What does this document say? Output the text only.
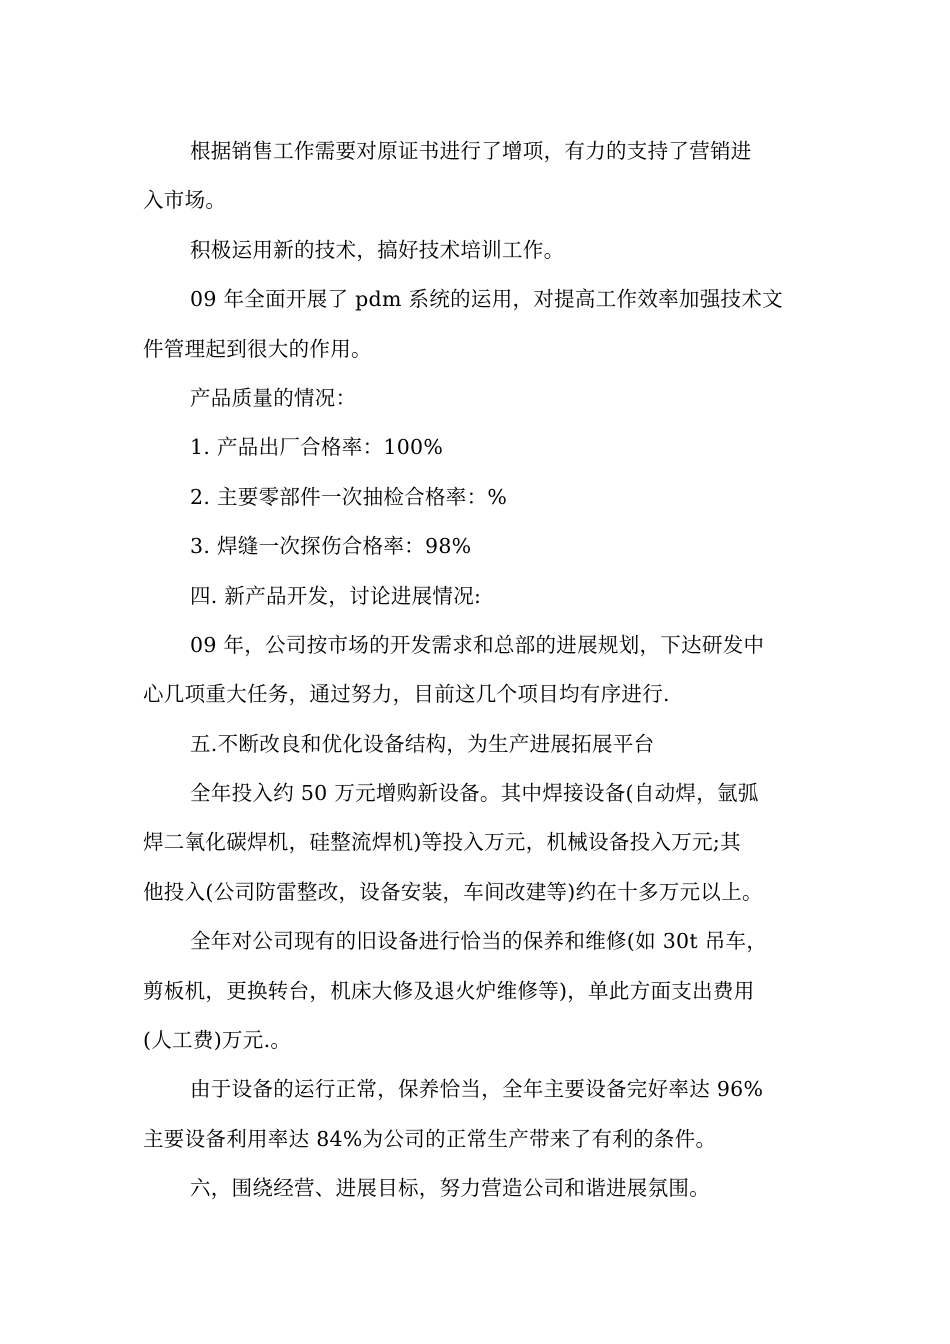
根据销售工作需要对原证书进行了增项，有力的支持了营销进
入市场。
积极运用新的技术，搞好技术培训工作。
09 年全面开展了 pdm 系统的运用，对提高工作效率加强技术文
件管理起到很大的作用。
产品质量的情况：
1. 产品出厂合格率：100%
2. 主要零部件一次抽检合格率：%
3. 焊缝一次探伤合格率：98%
四. 新产品开发，讨论进展情况:
09 年，公司按市场的开发需求和总部的进展规划，下达研发中
心几项重大任务，通过努力，目前这几个项目均有序进行.
五.不断改良和优化设备结构，为生产进展拓展平台
全年投入约 50 万元增购新设备。其中焊接设备(自动焊，氩弧
焊二氧化碳焊机，硅整流焊机)等投入万元，机械设备投入万元;其
他投入(公司防雷整改，设备安装，车间改建等)约在十多万元以上。
全年对公司现有的旧设备进行恰当的保养和维修(如 30t 吊车，
剪板机，更换转台，机床大修及退火炉维修等)，单此方面支出费用
(人工费)万元.。
由于设备的运行正常，保养恰当，全年主要设备完好率达 96%
主要设备利用率达 84%为公司的正常生产带来了有利的条件。
六，围绕经营、进展目标，努力营造公司和谐进展氛围。
